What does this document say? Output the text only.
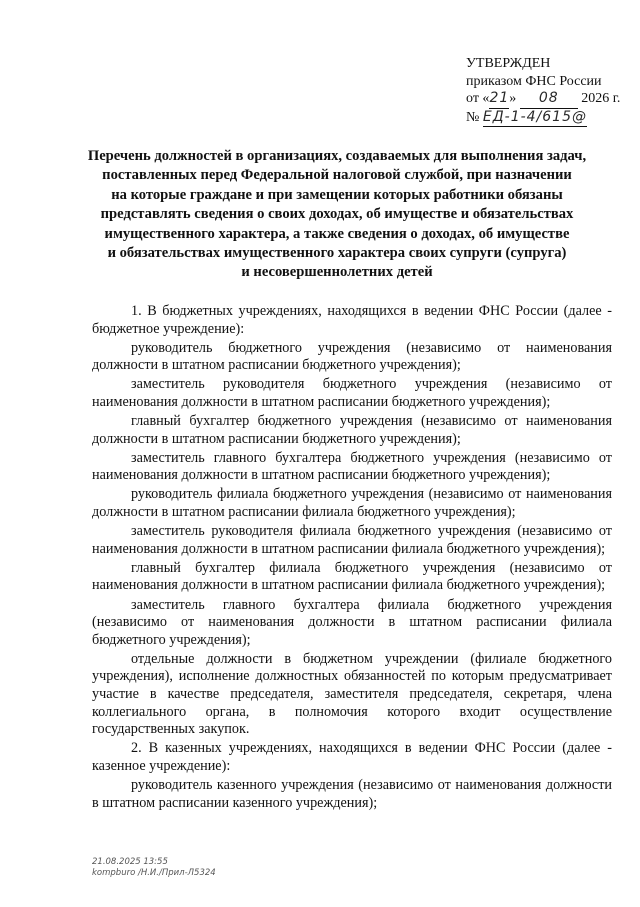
УТВЕРЖДЕН
приказом ФНС России
от «21» 08 2026 г.
№ ЕД-1-4/615@
Перечень должностей в организациях, создаваемых для выполнения задач,
поставленных перед Федеральной налоговой службой, при назначении
на которые граждане и при замещении которых работники обязаны
представлять сведения о своих доходах, об имуществе и обязательствах
имущественного характера, а также сведения о доходах, об имуществе
и обязательствах имущественного характера своих супруги (супруга)
и несовершеннолетних детей

1. В бюджетных учреждениях, находящихся в ведении ФНС России (далее - бюджетное учреждение):

руководитель бюджетного учреждения (независимо от наименования должности в штатном расписании бюджетного учреждения);

заместитель руководителя бюджетного учреждения (независимо от наименования должности в штатном расписании бюджетного учреждения);

главный бухгалтер бюджетного учреждения (независимо от наименования должности в штатном расписании бюджетного учреждения);

заместитель главного бухгалтера бюджетного учреждения (независимо от наименования должности в штатном расписании бюджетного учреждения);

руководитель филиала бюджетного учреждения (независимо от наименования должности в штатном расписании филиала бюджетного учреждения);

заместитель руководителя филиала бюджетного учреждения (независимо от наименования должности в штатном расписании филиала бюджетного учреждения);

главный бухгалтер филиала бюджетного учреждения (независимо от наименования должности в штатном расписании филиала бюджетного учреждения);

заместитель главного бухгалтера филиала бюджетного учреждения (независимо от наименования должности в штатном расписании филиала бюджетного учреждения);

отдельные должности в бюджетном учреждении (филиале бюджетного учреждения), исполнение должностных обязанностей по которым предусматривает участие в качестве председателя, заместителя председателя, секретаря, члена коллегиального органа, в полномочия которого входит осуществление государственных закупок.

2. В казенных учреждениях, находящихся в ведении ФНС России (далее - казенное учреждение):

руководитель казенного учреждения (независимо от наименования должности в штатном расписании казенного учреждения);

21.08.2025 13:55
kompburo /Н.И./Прил-Л5324
